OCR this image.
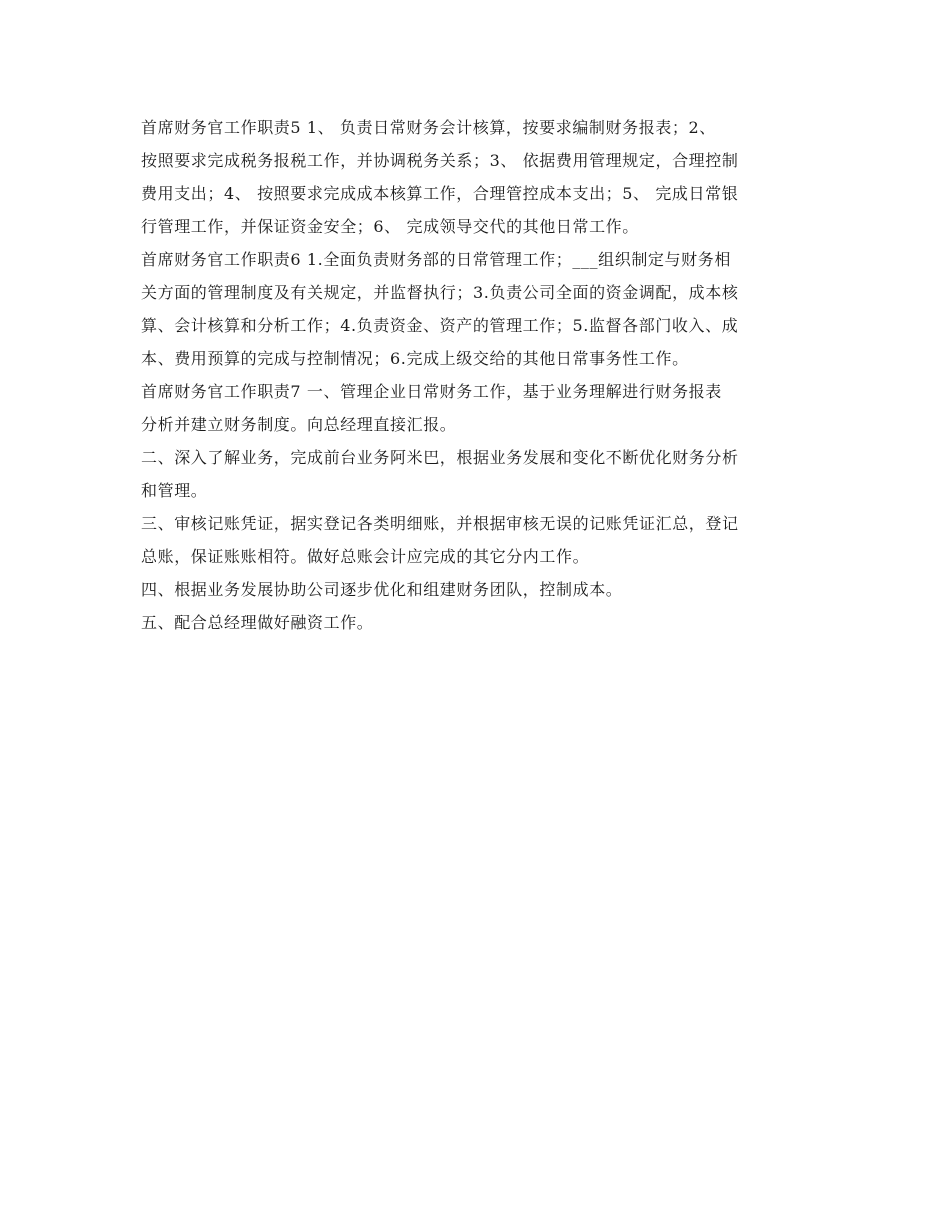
首席财务官工作职责5 1、 负责日常财务会计核算，按要求编制财务报表；2、
按照要求完成税务报税工作，并协调税务关系；3、 依据费用管理规定，合理控制
费用支出；4、 按照要求完成成本核算工作，合理管控成本支出；5、 完成日常银
行管理工作，并保证资金安全；6、 完成领导交代的其他日常工作。
首席财务官工作职责6 1.全面负责财务部的日常管理工作；___组织制定与财务相
关方面的管理制度及有关规定，并监督执行；3.负责公司全面的资金调配，成本核
算、会计核算和分析工作；4.负责资金、资产的管理工作；5.监督各部门收入、成
本、费用预算的完成与控制情况；6.完成上级交给的其他日常事务性工作。
首席财务官工作职责7 一、管理企业日常财务工作，基于业务理解进行财务报表
分析并建立财务制度。向总经理直接汇报。
二、深入了解业务，完成前台业务阿米巴，根据业务发展和变化不断优化财务分析
和管理。
三、审核记账凭证，据实登记各类明细账，并根据审核无误的记账凭证汇总，登记
总账，保证账账相符。做好总账会计应完成的其它分内工作。
四、根据业务发展协助公司逐步优化和组建财务团队，控制成本。
五、配合总经理做好融资工作。
